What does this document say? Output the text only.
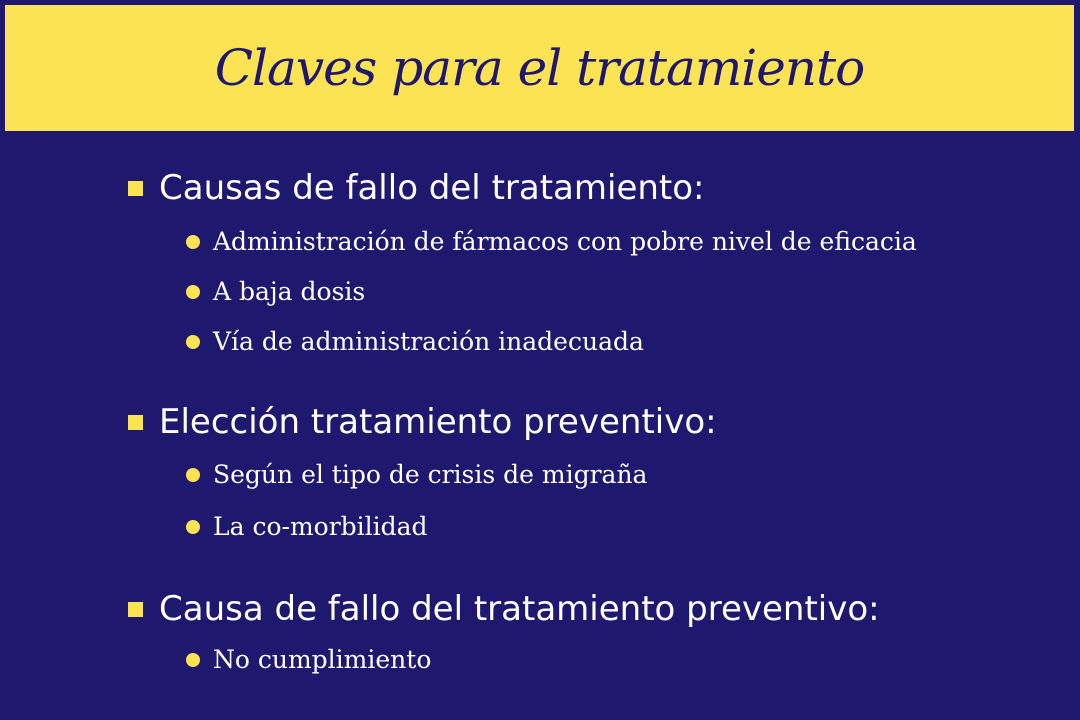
Claves para el tratamiento
Causas de fallo del tratamiento:
Administración de fármacos con pobre nivel de eficacia
A baja dosis
Vía de administración inadecuada
Elección tratamiento preventivo:
Según el tipo de crisis de migraña
La co-morbilidad
Causa de fallo del tratamiento preventivo:
No cumplimiento
